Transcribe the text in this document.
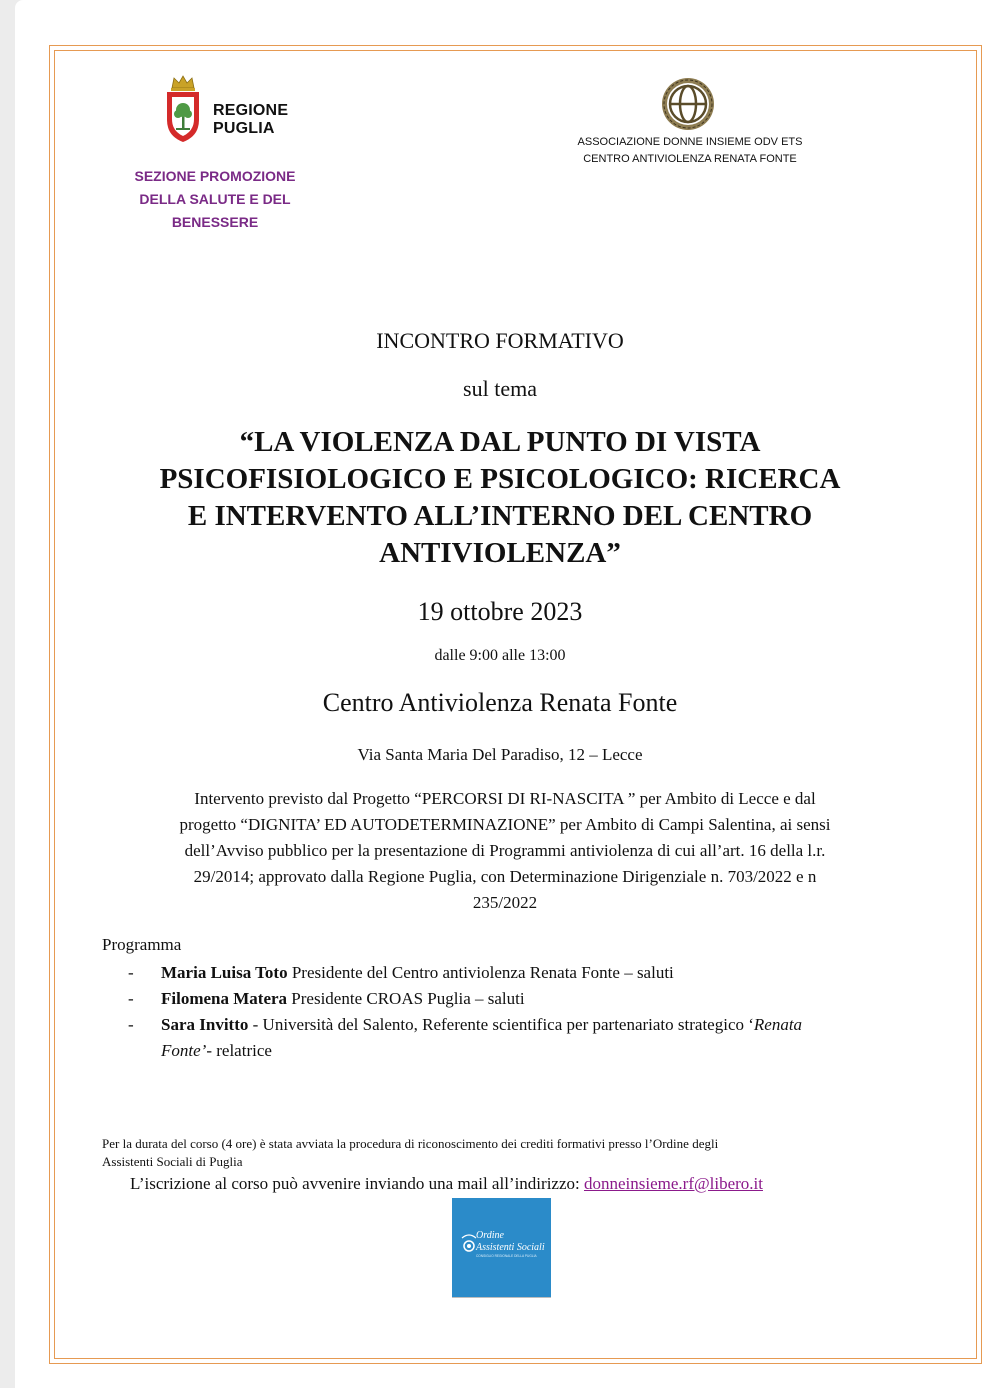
REGIONE
PUGLIA
SEZIONE PROMOZIONE
DELLA SALUTE E DEL
BENESSERE
ASSOCIAZIONE DONNE INSIEME ODV ETS
CENTRO ANTIVIOLENZA RENATA FONTE
INCONTRO FORMATIVO
sul tema
“LA VIOLENZA DAL PUNTO DI VISTA
PSICOFISIOLOGICO E PSICOLOGICO: RICERCA
E INTERVENTO ALL’INTERNO DEL CENTRO
ANTIVIOLENZA”
19 ottobre 2023
dalle 9:00 alle 13:00
Centro Antiviolenza Renata Fonte
Via Santa Maria Del Paradiso, 12 – Lecce
Intervento previsto dal Progetto “PERCORSI DI RI-NASCITA ” per Ambito di Lecce e dal
progetto “DIGNITA’ ED AUTODETERMINAZIONE” per Ambito di Campi Salentina, ai sensi
dell’Avviso pubblico per la presentazione di Programmi antiviolenza di cui all’art. 16 della l.r.
29/2014; approvato dalla Regione Puglia, con Determinazione Dirigenziale n. 703/2022 e n
235/2022
Programma
- Maria Luisa Toto Presidente del Centro antiviolenza Renata Fonte – saluti
- Filomena Matera Presidente CROAS Puglia – saluti
- Sara Invitto - Università del Salento, Referente scientifica per partenariato strategico ‘Renata
Fonte’- relatrice
Per la durata del corso (4 ore) è stata avviata la procedura di riconoscimento dei crediti formativi presso l’Ordine degli
Assistenti Sociali di Puglia
L’iscrizione al corso può avvenire inviando una mail all’indirizzo: donneinsieme.rf@libero.it
Ordine
Assistenti Sociali
CONSIGLIO REGIONALE DELLA PUGLIA
